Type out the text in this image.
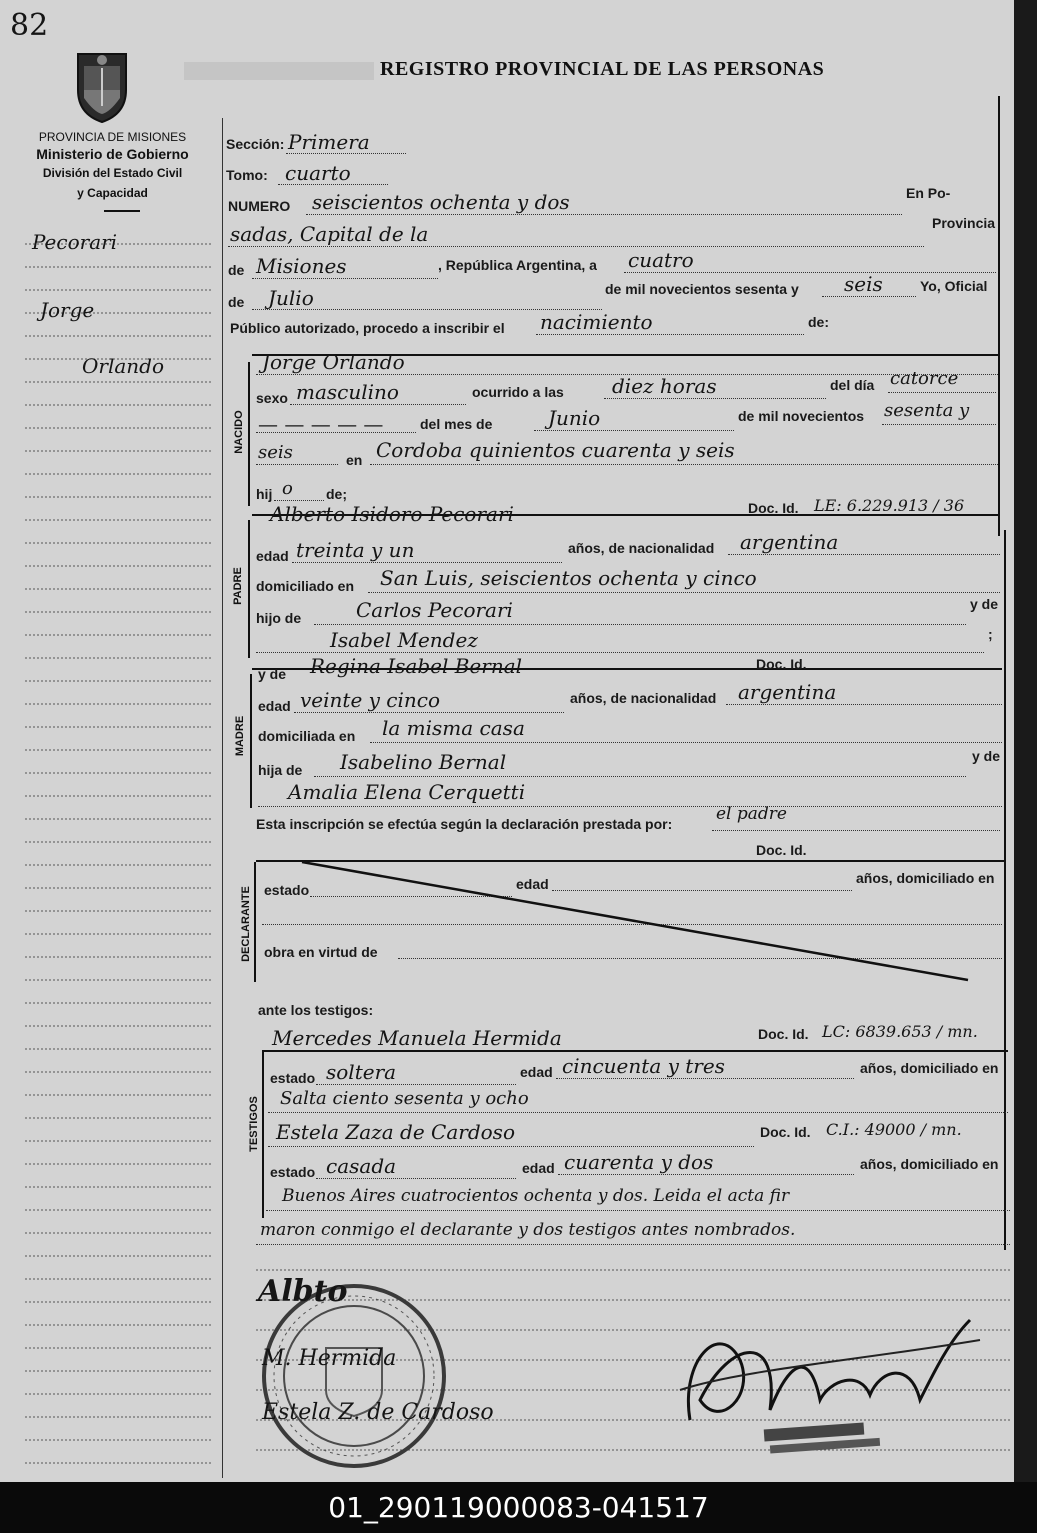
82
REGISTRO PROVINCIAL DE LAS PERSONAS
PROVINCIA DE MISIONES
Ministerio de Gobierno
División del Estado Civil
y Capacidad
Pecorari
Jorge
Orlando
Sección: Primera
Tomo: cuarto
NUMERO seiscientos ochenta y dos	En Po-
sadas, Capital de la	Provincia
de Misiones	, República Argentina, a cuatro
de Julio	de mil novecientos sesenta y seis	Yo, Oficial
Público autorizado, procedo a inscribir el nacimiento	de:
NACIDO
Jorge Orlando
sexo masculino	ocurrido a las diez horas	del día catorce
— — — — —	del mes de	Junio	de mil novecientos sesenta y
seis	en Cordoba quinientos cuarenta y seis
hij o de;
PADRE
Alberto Isidoro Pecorari	Doc. Id. LE: 6.229.913 / 36
edad treinta y un	años, de nacionalidad argentina
domiciliado en San Luis, seiscientos ochenta y cinco
hijo de	Carlos Pecorari	y de
Isabel Mendez	;
MADRE
y de Regina Isabel Bernal	Doc. Id.
edad veinte y cinco	años, de nacionalidad argentina
domiciliada en la misma casa
hija de Isabelino Bernal	y de
Amalia Elena Cerquetti
Esta inscripción se efectúa según la declaración prestada por:	el padre
Doc. Id.
DECLARANTE estado	edad	años, domiciliado en
obra en virtud de
ante los testigos:
TESTIGOS
Mercedes Manuela Hermida	Doc. Id. LC: 6839.653 / mn.
estado soltera	edad cincuenta y tres	años, domiciliado en
Salta ciento sesenta y ocho
Estela Zaza de Cardoso	Doc. Id. C.I.: 49000 / mn.
estado casada	edad cuarenta y dos	años, domiciliado en
Buenos Aires cuatrocientos ochenta y dos. Leida el acta fir
maron conmigo el declarante y dos testigos antes nombrados.
Albto
M. Hermida
Estela Z. de Cardoso
01_290119000083-041517
